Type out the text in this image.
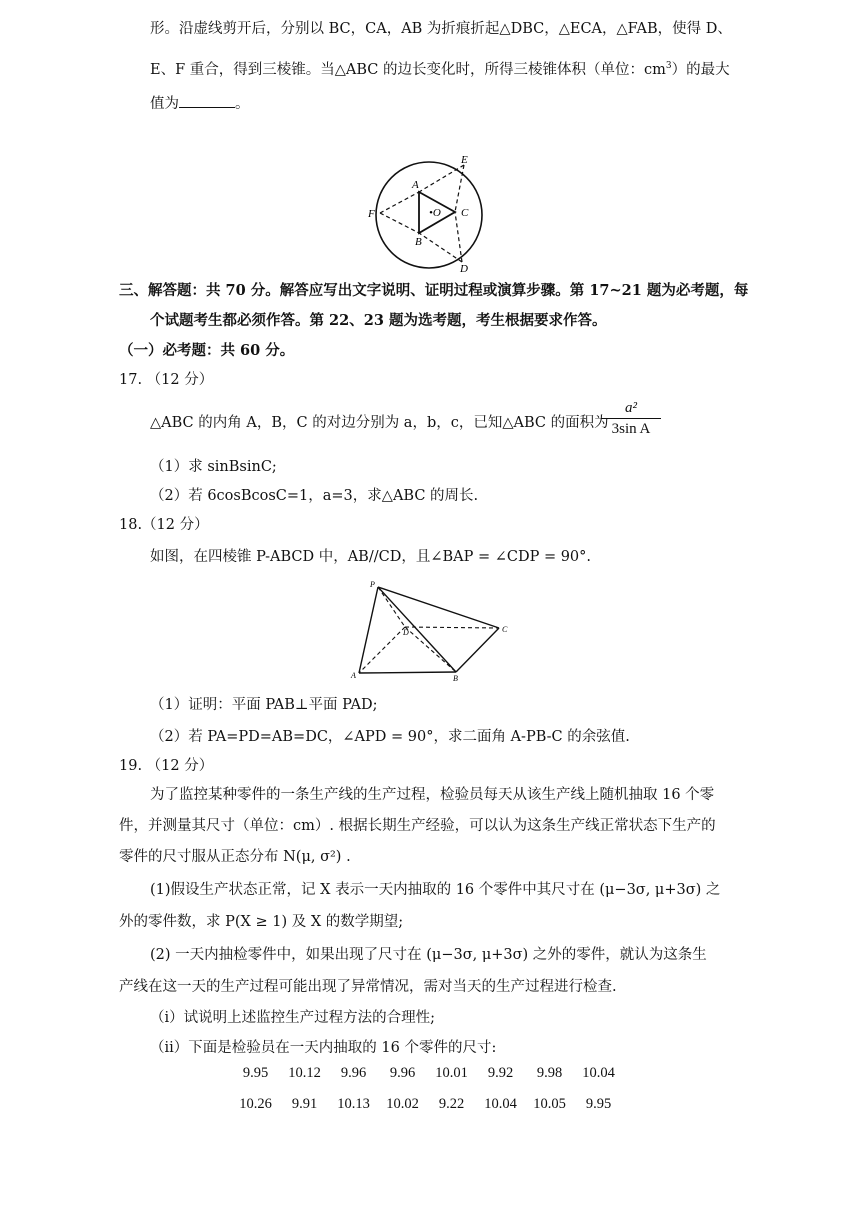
形。沿虚线剪开后，分别以 BC，CA，AB 为折痕折起△DBC，△ECA，△FAB，使得 D、
E、F 重合，得到三棱锥。当△ABC 的边长变化时，所得三棱锥体积（单位：$cm^3$）的最大
值为	。
E
A
F	•O C
B
D
三、解答题：共 70 分。解答应写出文字说明、证明过程或演算步骤。第 17~21 题为必考题，每
个试题考生都必须作答。第 22、23 题为选考题，考生根据要求作答。
（一）必考题：共 60 分。
17. （12 分）
△ABC 的内角 A，B，C 的对边分别为 a，b，c，已知△ABC 的面积为
a²
3sin A
（1）求 sinBsinC;
（2）若 6cosBcosC=1，a=3，求△ABC 的周长.
18.（12 分）
如图，在四棱锥 P-ABCD 中，AB//CD，且∠BAP = ∠CDP = 90°.
P
D	C
A	B
（1）证明：平面 PAB⊥平面 PAD;
（2）若 PA=PD=AB=DC，∠APD = 90°，求二面角 A-PB-C 的余弦值.
19. （12 分）
为了监控某种零件的一条生产线的生产过程，检验员每天从该生产线上随机抽取 16 个零
件，并测量其尺寸（单位：cm）. 根据长期生产经验，可以认为这条生产线正常状态下生产的
零件的尺寸服从正态分布 N(μ, σ²) .
(1)假设生产状态正常，记 X 表示一天内抽取的 16 个零件中其尺寸在 (μ−3σ, μ+3σ) 之
外的零件数，求 P(X ≥ 1) 及 X 的数学期望;
(2) 一天内抽检零件中，如果出现了尺寸在 (μ−3σ, μ+3σ) 之外的零件，就认为这条生
产线在这一天的生产过程可能出现了异常情况，需对当天的生产过程进行检查.
（ⅰ）试说明上述监控生产过程方法的合理性;
（ⅱ）下面是检验员在一天内抽取的 16 个零件的尺寸:
9.95	10.12	9.96	9.96	10.01	9.92	9.98	10.04
10.26	9.91	10.13	10.02	9.22	10.04	10.05	9.95
